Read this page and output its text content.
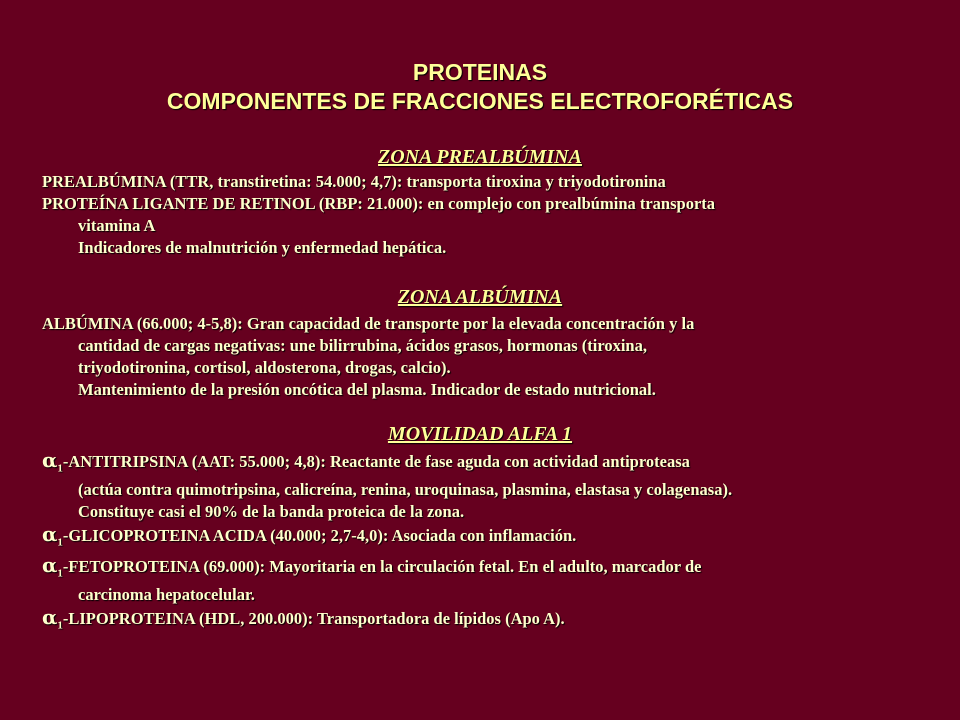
PROTEINAS
COMPONENTES DE FRACCIONES ELECTROFORÉTICAS
ZONA PREALBÚMINA
PREALBÚMINA (TTR, transtiretina: 54.000; 4,7): transporta tiroxina y triyodotironina
PROTEÍNA LIGANTE DE RETINOL (RBP: 21.000): en complejo con prealbúmina transporta
vitamina A
Indicadores de malnutrición y enfermedad hepática.
ZONA ALBÚMINA
ALBÚMINA (66.000; 4-5,8): Gran capacidad de transporte por la elevada concentración y la
cantidad de cargas negativas: une bilirrubina, ácidos grasos, hormonas (tiroxina,
triyodotironina, cortisol, aldosterona, drogas, calcio).
Mantenimiento de la presión oncótica del plasma. Indicador de estado nutricional.
MOVILIDAD ALFA 1
$\alpha_1$-ANTITRIPSINA (AAT: 55.000; 4,8): Reactante de fase aguda con actividad antiproteasa
(actúa contra quimotripsina, calicreína, renina, uroquinasa, plasmina, elastasa y colagenasa).
Constituye casi el 90% de la banda proteica de la zona.
$\alpha_1$-GLICOPROTEINA ACIDA (40.000; 2,7-4,0): Asociada con inflamación.
$\alpha_1$-FETOPROTEINA (69.000): Mayoritaria en la circulación fetal. En el adulto, marcador de
carcinoma hepatocelular.
$\alpha_1$-LIPOPROTEINA (HDL, 200.000): Transportadora de lípidos (Apo A).
